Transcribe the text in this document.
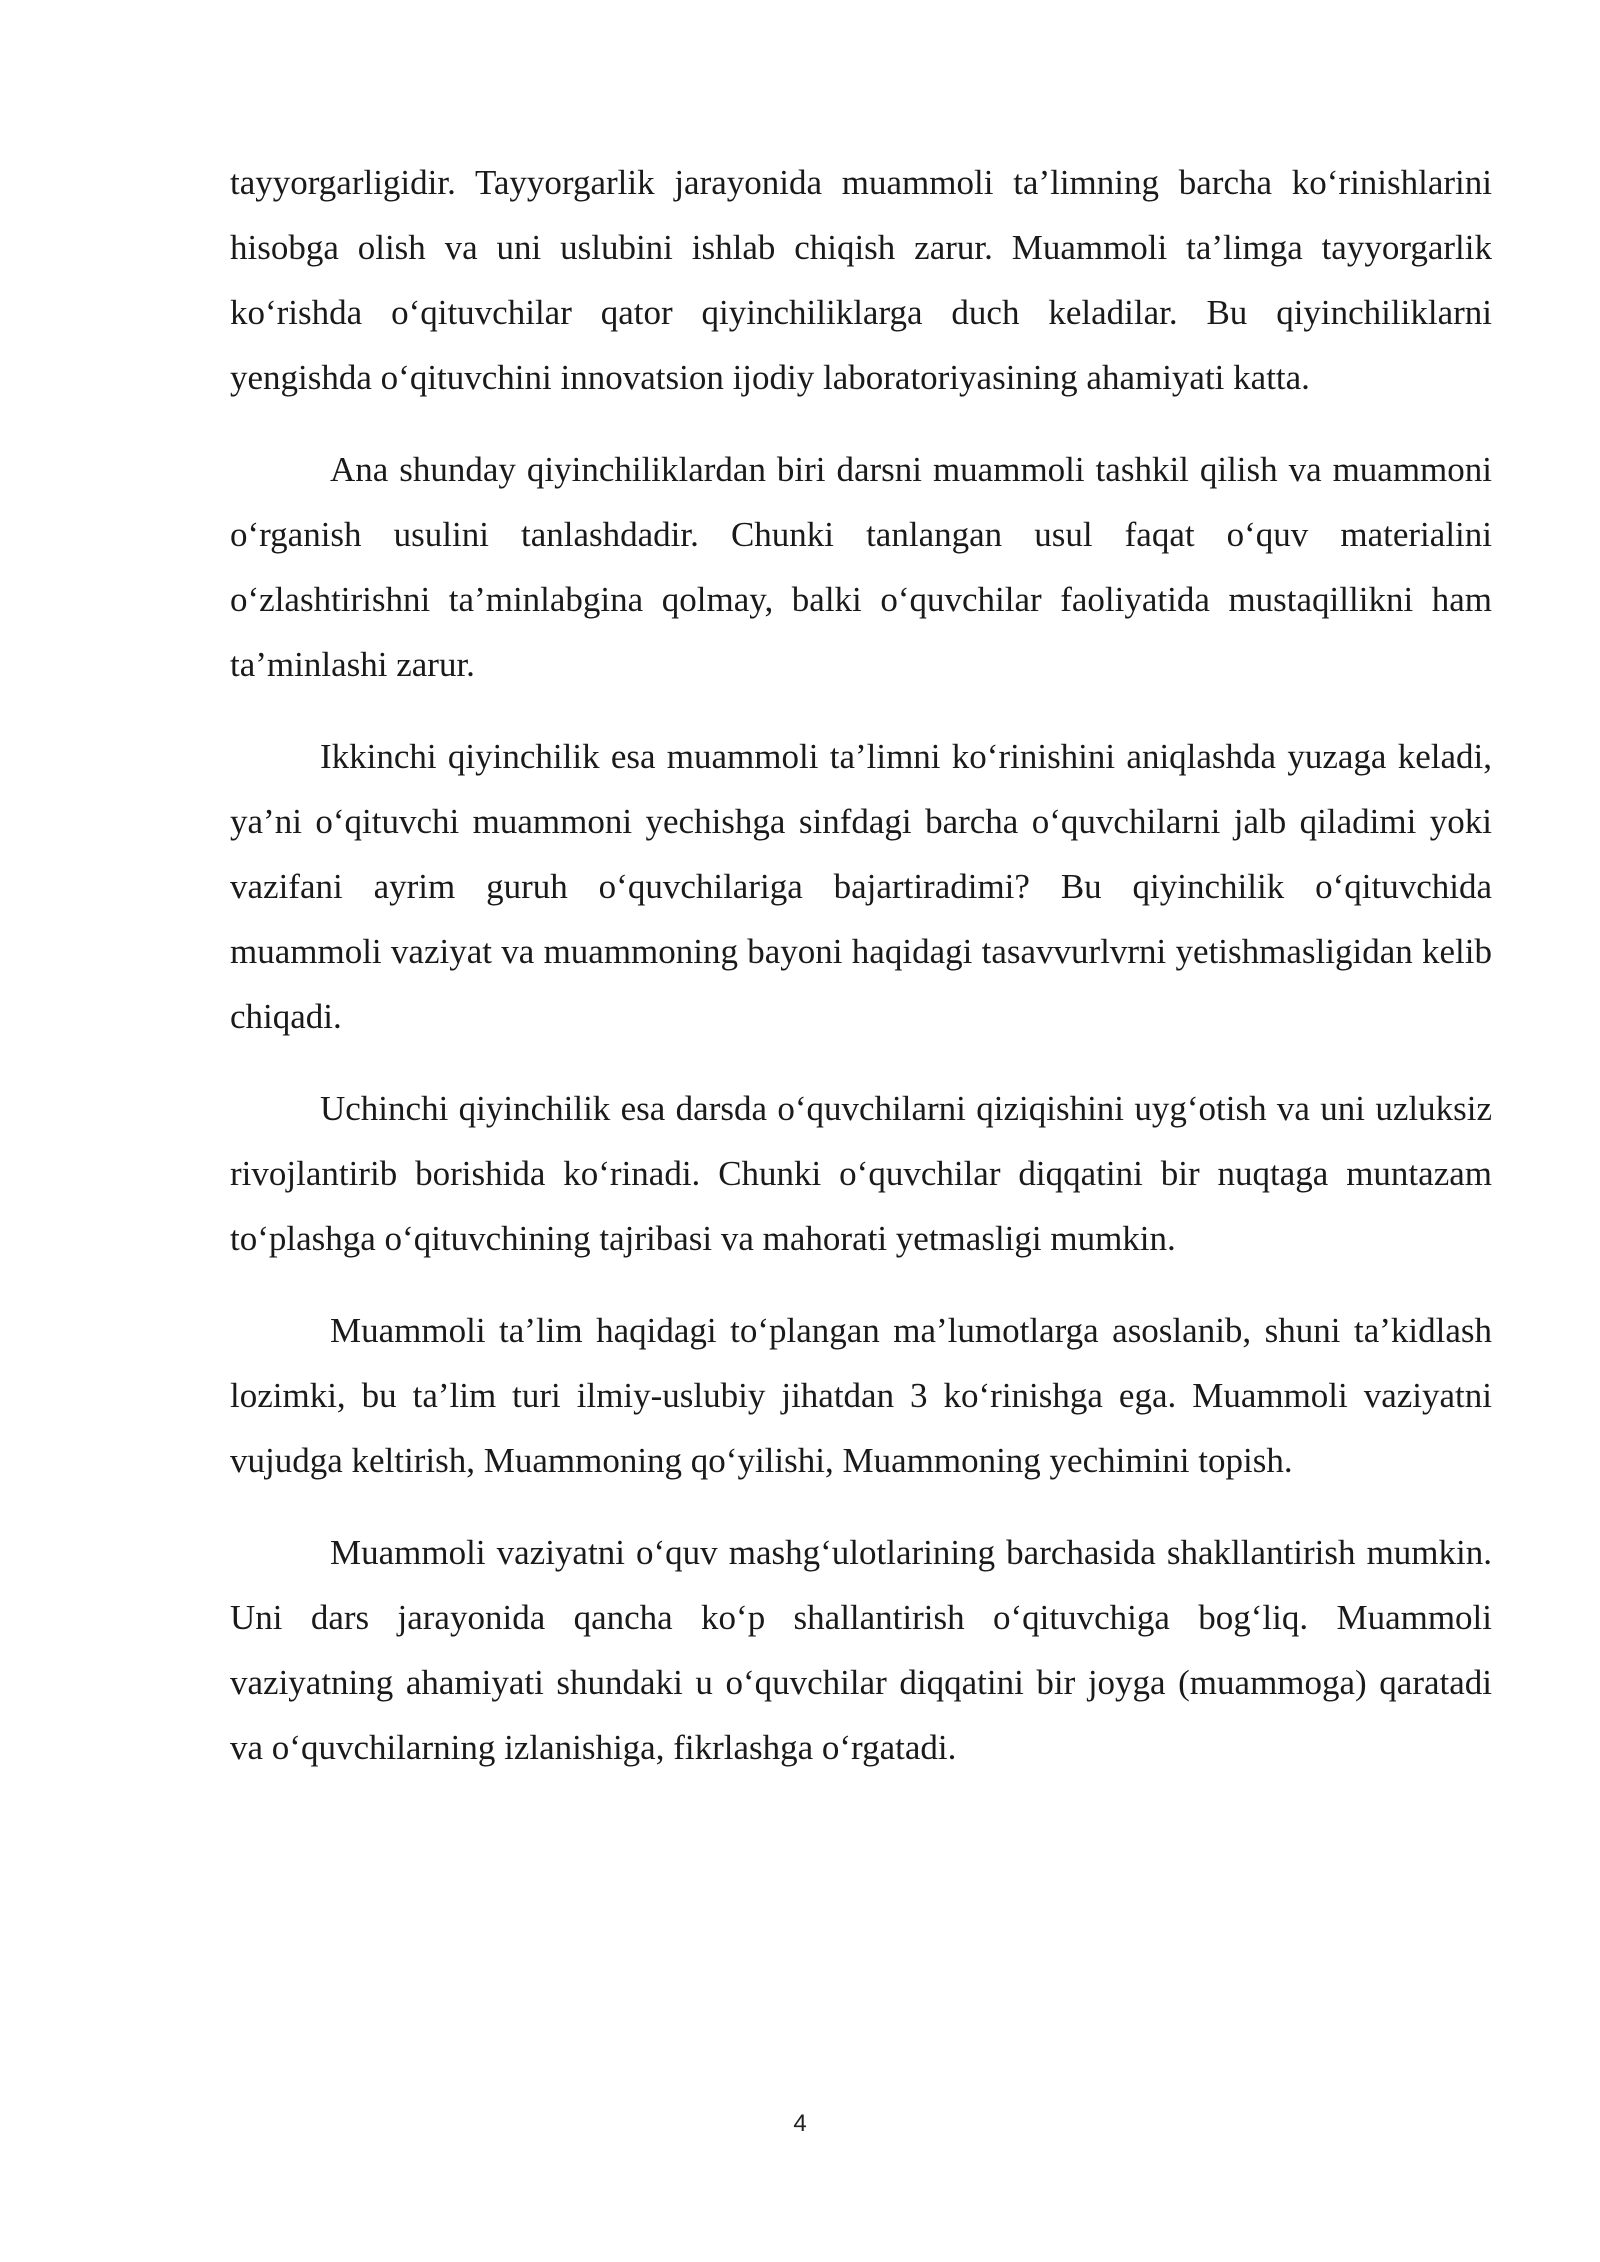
tayyorgarligidir. Tayyorgarlik jarayonida muammoli ta’limning barcha ko‘rinishlarini hisobga olish va uni uslubini ishlab chiqish zarur. Muammoli ta’limga tayyorgarlik ko‘rishda o‘qituvchilar qator qiyinchiliklarga duch keladilar. Bu qiyinchiliklarni yengishda o‘qituvchini innovatsion ijodiy laboratoriyasining ahamiyati katta.

Ana shunday qiyinchiliklardan biri darsni muammoli tashkil qilish va muammoni o‘rganish usulini tanlashdadir. Chunki tanlangan usul faqat o‘quv materialini o‘zlashtirishni ta’minlabgina qolmay, balki o‘quvchilar faoliyatida mustaqillikni ham ta’minlashi zarur.

Ikkinchi qiyinchilik esa muammoli ta’limni ko‘rinishini aniqlashda yuzaga keladi, ya’ni o‘qituvchi muammoni yechishga sinfdagi barcha o‘quvchilarni jalb qiladimi yoki vazifani ayrim guruh o‘quvchilariga bajartiradimi? Bu qiyinchilik o‘qituvchida muammoli vaziyat va muammoning bayoni haqidagi tasavvurlvrni yetishmasligidan kelib chiqadi.

Uchinchi qiyinchilik esa darsda o‘quvchilarni qiziqishini uyg‘otish va uni uzluksiz rivojlantirib borishida ko‘rinadi. Chunki o‘quvchilar diqqatini bir nuqtaga muntazam to‘plashga o‘qituvchining tajribasi va mahorati yetmasligi mumkin.

Muammoli ta’lim haqidagi to‘plangan ma’lumotlarga asoslanib, shuni ta’kidlash lozimki, bu ta’lim turi ilmiy-uslubiy jihatdan 3 ko‘rinishga ega. Muammoli vaziyatni vujudga keltirish, Muammoning qo‘yilishi, Muammoning yechimini topish.

Muammoli vaziyatni o‘quv mashg‘ulotlarining barchasida shakllantirish mumkin. Uni dars jarayonida qancha ko‘p shallantirish o‘qituvchiga bog‘liq. Muammoli vaziyatning ahamiyati shundaki u o‘quvchilar diqqatini bir joyga (muammoga) qaratadi va o‘quvchilarning izlanishiga, fikrlashga o‘rgatadi.

4
